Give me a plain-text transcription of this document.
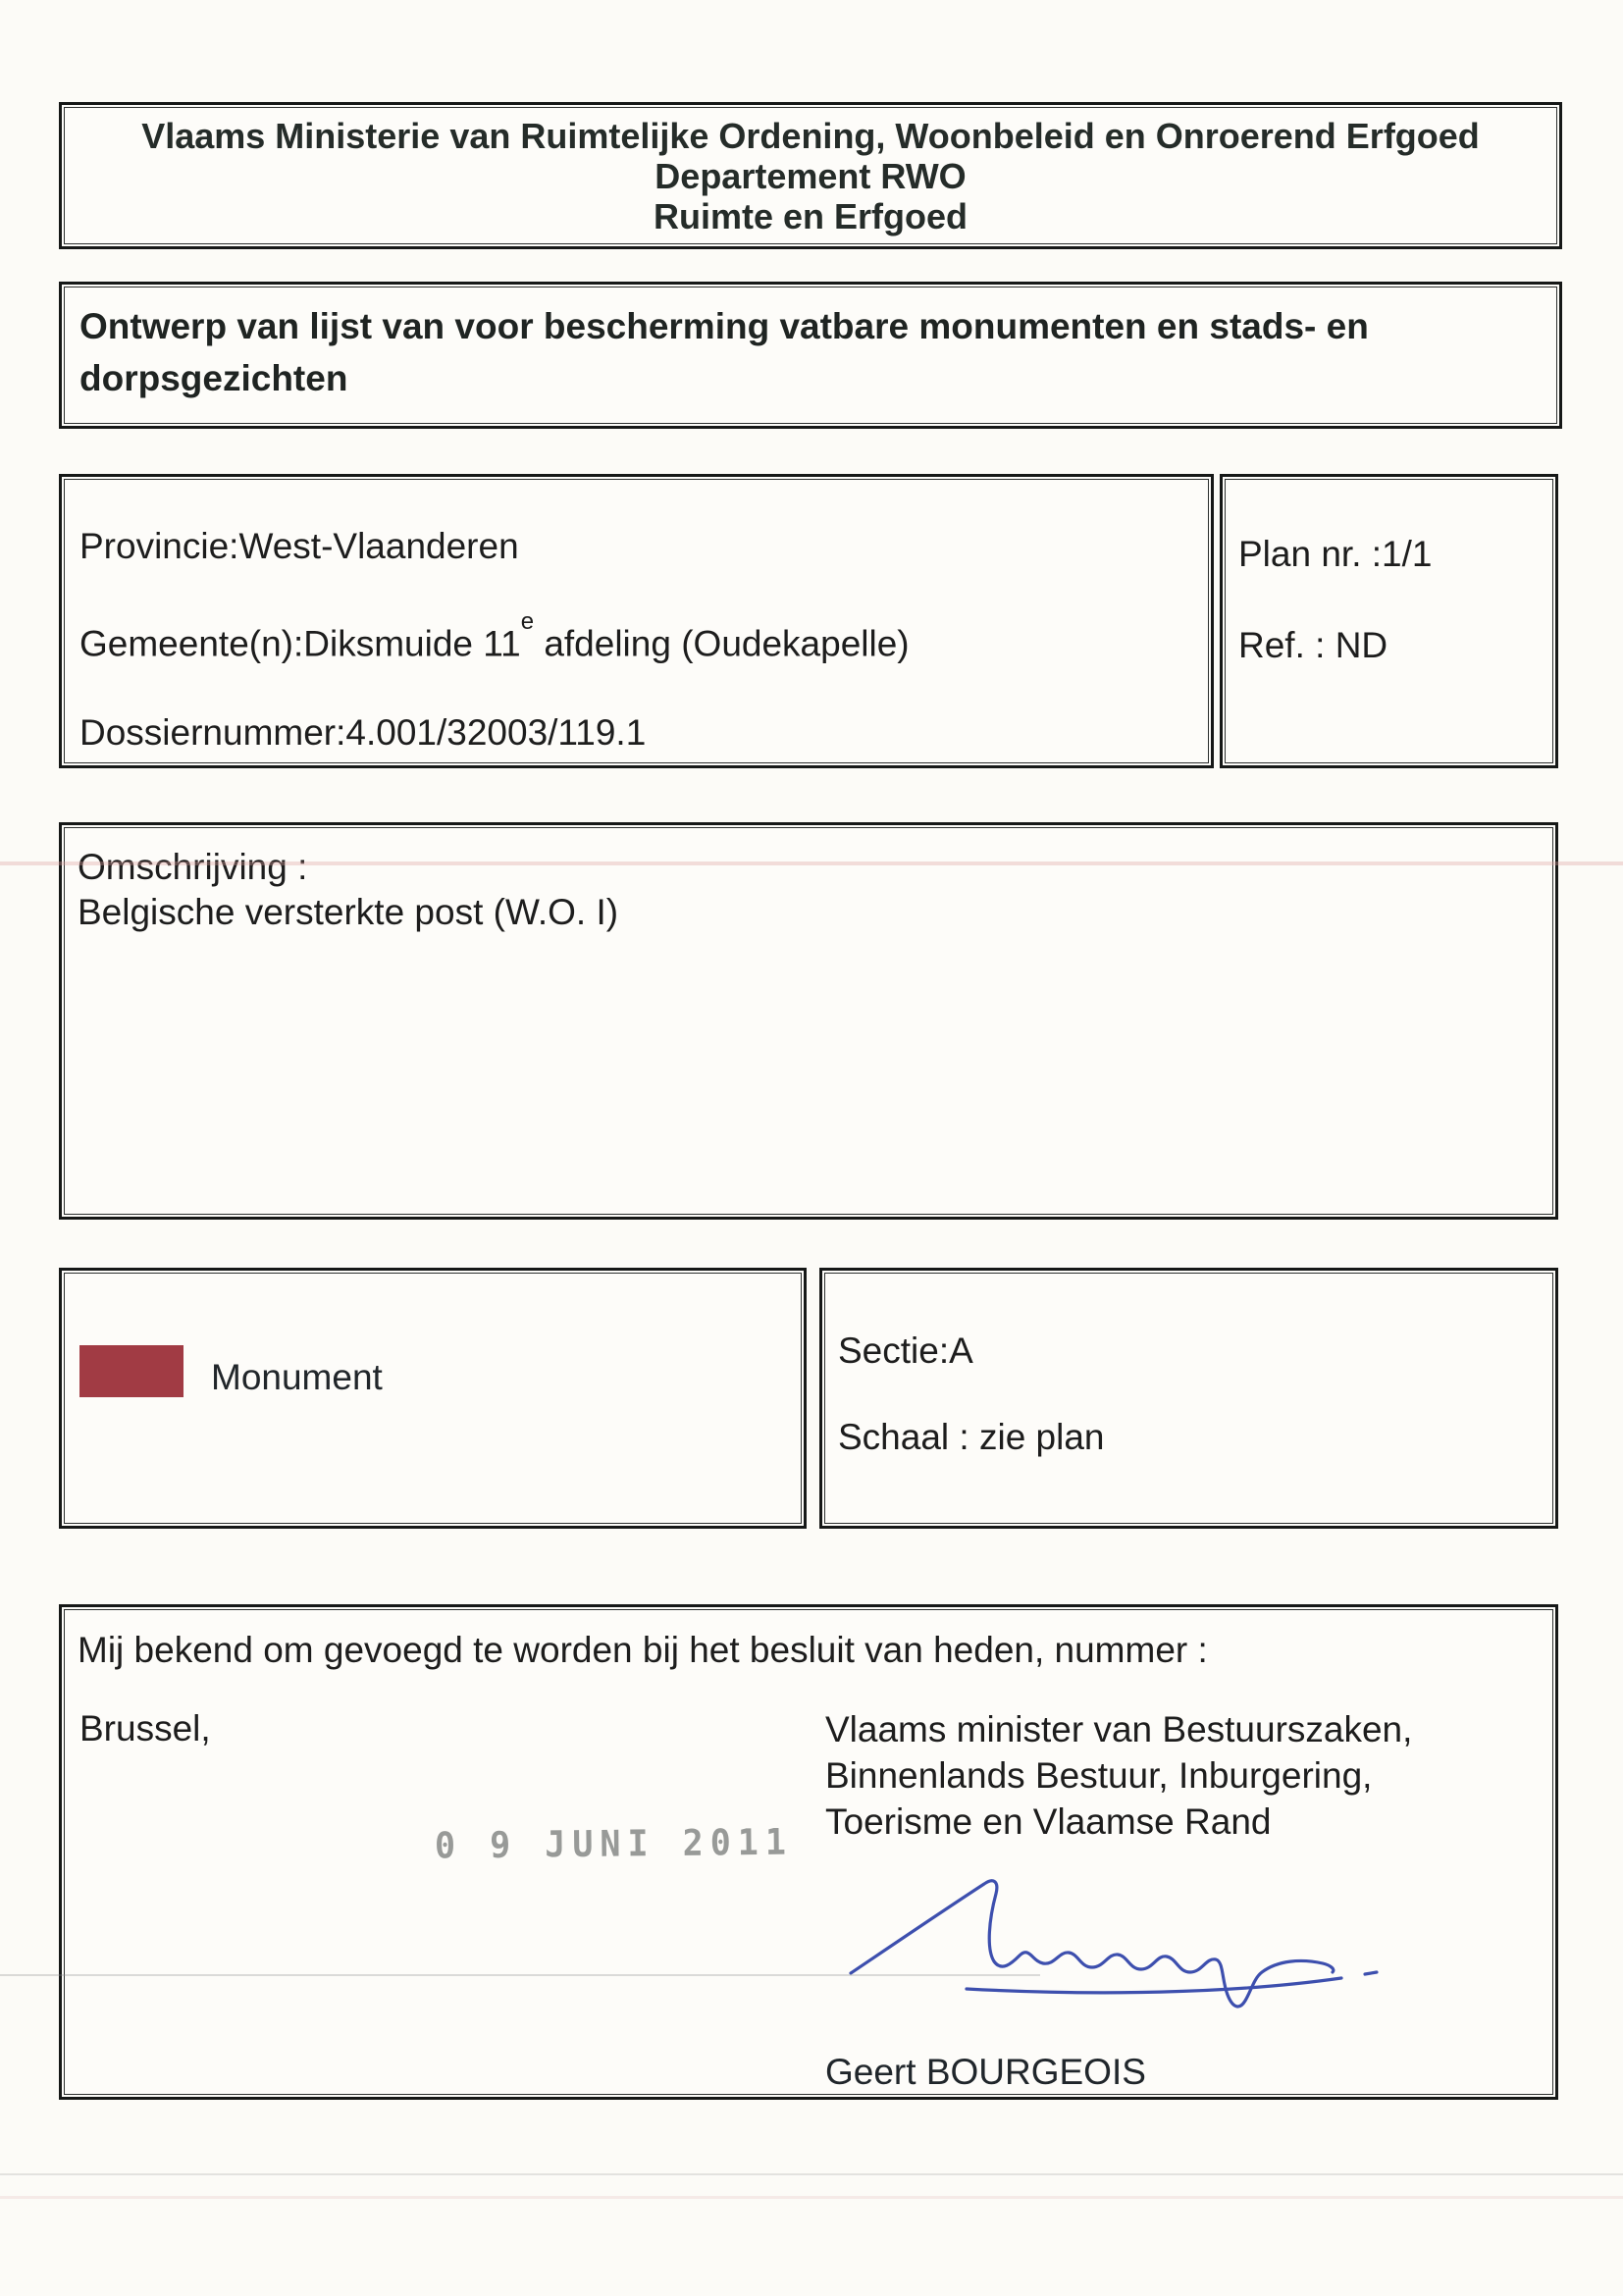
Vlaams Ministerie van Ruimtelijke Ordening, Woonbeleid en Onroerend Erfgoed
Departement RWO
Ruimte en Erfgoed
Ontwerp van lijst van voor bescherming vatbare monumenten en stads- en dorpsgezichten
Provincie:West-Vlaanderen
Gemeente(n):Diksmuide 11e afdeling (Oudekapelle)
Dossiernummer:4.001/32003/119.1
Plan nr. :1/1
Ref. : ND
Omschrijving :
Belgische versterkte post (W.O. I)
Monument
Sectie:A
Schaal : zie plan
Mij bekend om gevoegd te worden bij het besluit van heden, nummer :
Brussel,	Vlaams minister van Bestuurszaken,
Binnenlands Bestuur, Inburgering,
Toerisme en Vlaamse Rand
0 9 JUNI 2011
Geert BOURGEOIS
